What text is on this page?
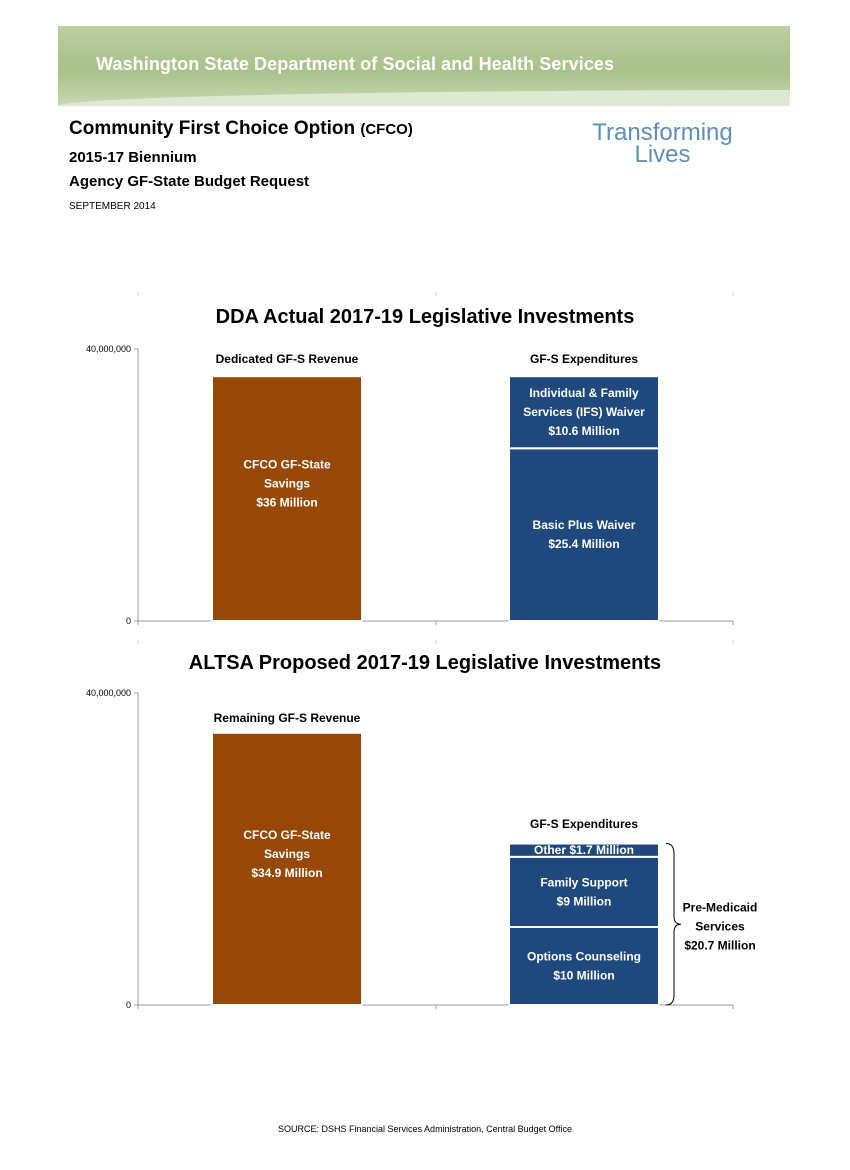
Washington State Department of Social and Health Services
Community First Choice Option (CFCO)
2015-17 Biennium
Agency GF-State Budget Request
SEPTEMBER 2014
Transforming
Lives
DDA Actual 2017-19 Legislative Investments
ALTSA Proposed 2017-19 Legislative Investments
40,000,000
0
Dedicated GF-S Revenue
CFCO GF-State
Savings
$36 Million
GF-S Expenditures
Basic Plus Waiver
$25.4 Million
Individual & Family
Services (IFS) Waiver
$10.6 Million
40,000,000
0
Remaining GF-S Revenue
CFCO GF-State
Savings
$34.9 Million
GF-S Expenditures
Options Counseling
$10 Million
Family Support
$9 Million
Other $1.7 Million
Pre-Medicaid
Services
$20.7 Million
SOURCE: DSHS Financial Services Administration, Central Budget Office
